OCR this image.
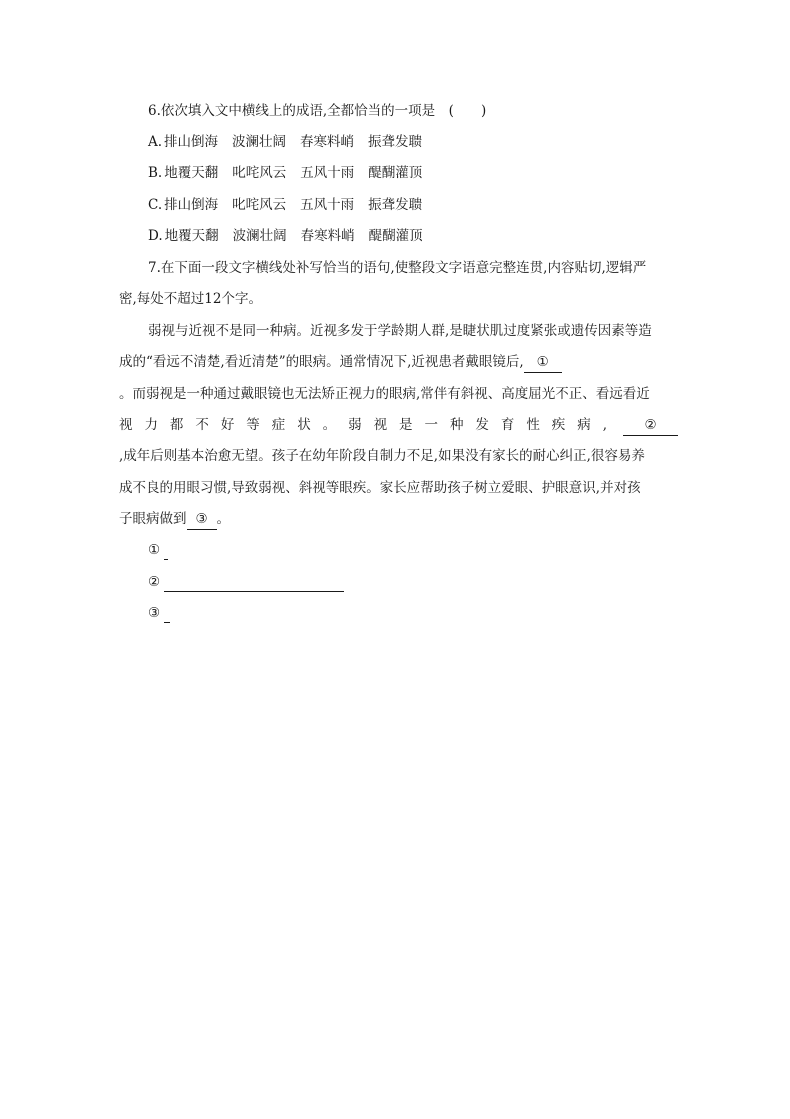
6.依次填入文中横线上的成语,全都恰当的一项是　(　　)
A. 排山倒海 波澜壮阔 春寒料峭 振聋发聩
B. 地覆天翻 叱咤风云 五风十雨 醍醐灌顶
C. 排山倒海 叱咤风云 五风十雨 振聋发聩
D. 地覆天翻 波澜壮阔 春寒料峭 醍醐灌顶
7.在下面一段文字横线处补写恰当的语句,使整段文字语意完整连贯,内容贴切,逻辑严
密,每处不超过12个字。
弱视与近视不是同一种病。近视多发于学龄期人群,是睫状肌过度紧张或遗传因素等造
成的“看远不清楚,看近清楚”的眼病。通常情况下,近视患者戴眼镜后, ①
。而弱视是一种通过戴眼镜也无法矫正视力的眼病,常伴有斜视、高度屈光不正、看远看近
视力都不好等症状。弱视是一种发育性疾病,	②
,成年后则基本治愈无望。孩子在幼年阶段自制力不足,如果没有家长的耐心纠正,很容易养
成不良的用眼习惯,导致弱视、斜视等眼疾。家长应帮助孩子树立爱眼、护眼意识,并对孩
子眼病做到 ③ 。
①
②
③
